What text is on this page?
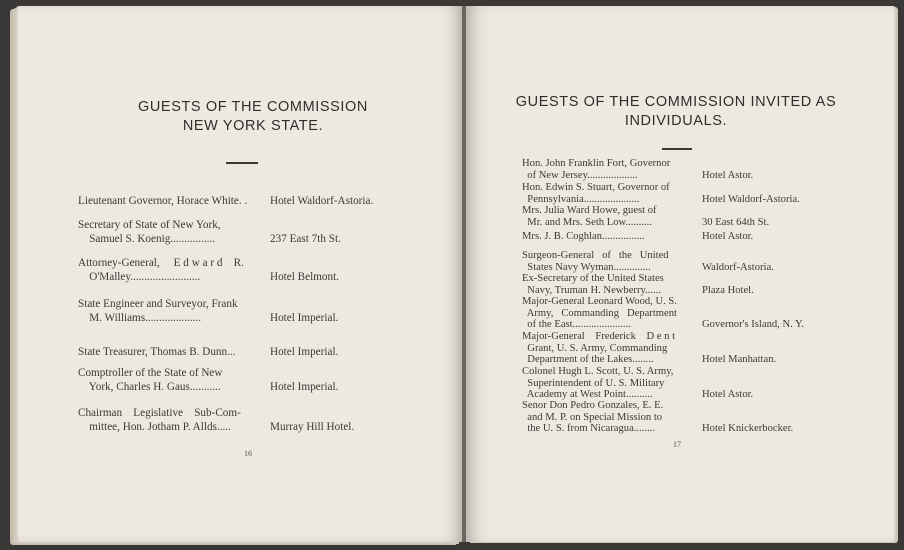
GUESTS OF THE COMMISSION
NEW YORK STATE.
Lieutenant Governor, Horace White. . Hotel Waldorf-Astoria.
Secretary of State of New York,
Samuel S. Koenig................	237 East 7th St.
Attorney-General,     E d w a r d    R.
O'Malley.........................	Hotel Belmont.
State Engineer and Surveyor, Frank
M. Williams....................	Hotel Imperial.
State Treasurer, Thomas B. Dunn...	Hotel Imperial.
Comptroller of the State of New
York, Charles H. Gaus...........	Hotel Imperial.
Chairman    Legislative    Sub-Com-
mittee, Hon. Jotham P. Allds.....	Murray Hill Hotel.
16
GUESTS OF THE COMMISSION INVITED AS
INDIVIDUALS.
Hon. John Franklin Fort, Governor
of New Jersey...................	Hotel Astor.
Hon. Edwin S. Stuart, Governor of
Pennsylvania.....................	Hotel Waldorf-Astoria.
Mrs. Julia Ward Howe, guest of
Mr. and Mrs. Seth Low..........	30 East 64th St.
Mrs. J. B. Coghlan................	Hotel Astor.
Surgeon-General   of   the   United
States Navy Wyman..............	Waldorf-Astoria.
Ex-Secretary of the United States
Navy, Truman H. Newberry......	Plaza Hotel.
Major-General Leonard Wood, U. S.
Army,   Commanding   Department
of the East......................	Governor's Island, N. Y.
Major-General    Frederick    D e n t
Grant, U. S. Army, Commanding
Department of the Lakes........	Hotel Manhattan.
Colonel Hugh L. Scott, U. S. Army,
Superintendent of U. S. Military
Academy at West Point..........	Hotel Astor.
Senor Don Pedro Gonzales, E. E.
and M. P. on Special Mission to
the U. S. from Nicaragua........	Hotel Knickerbocker.
17
